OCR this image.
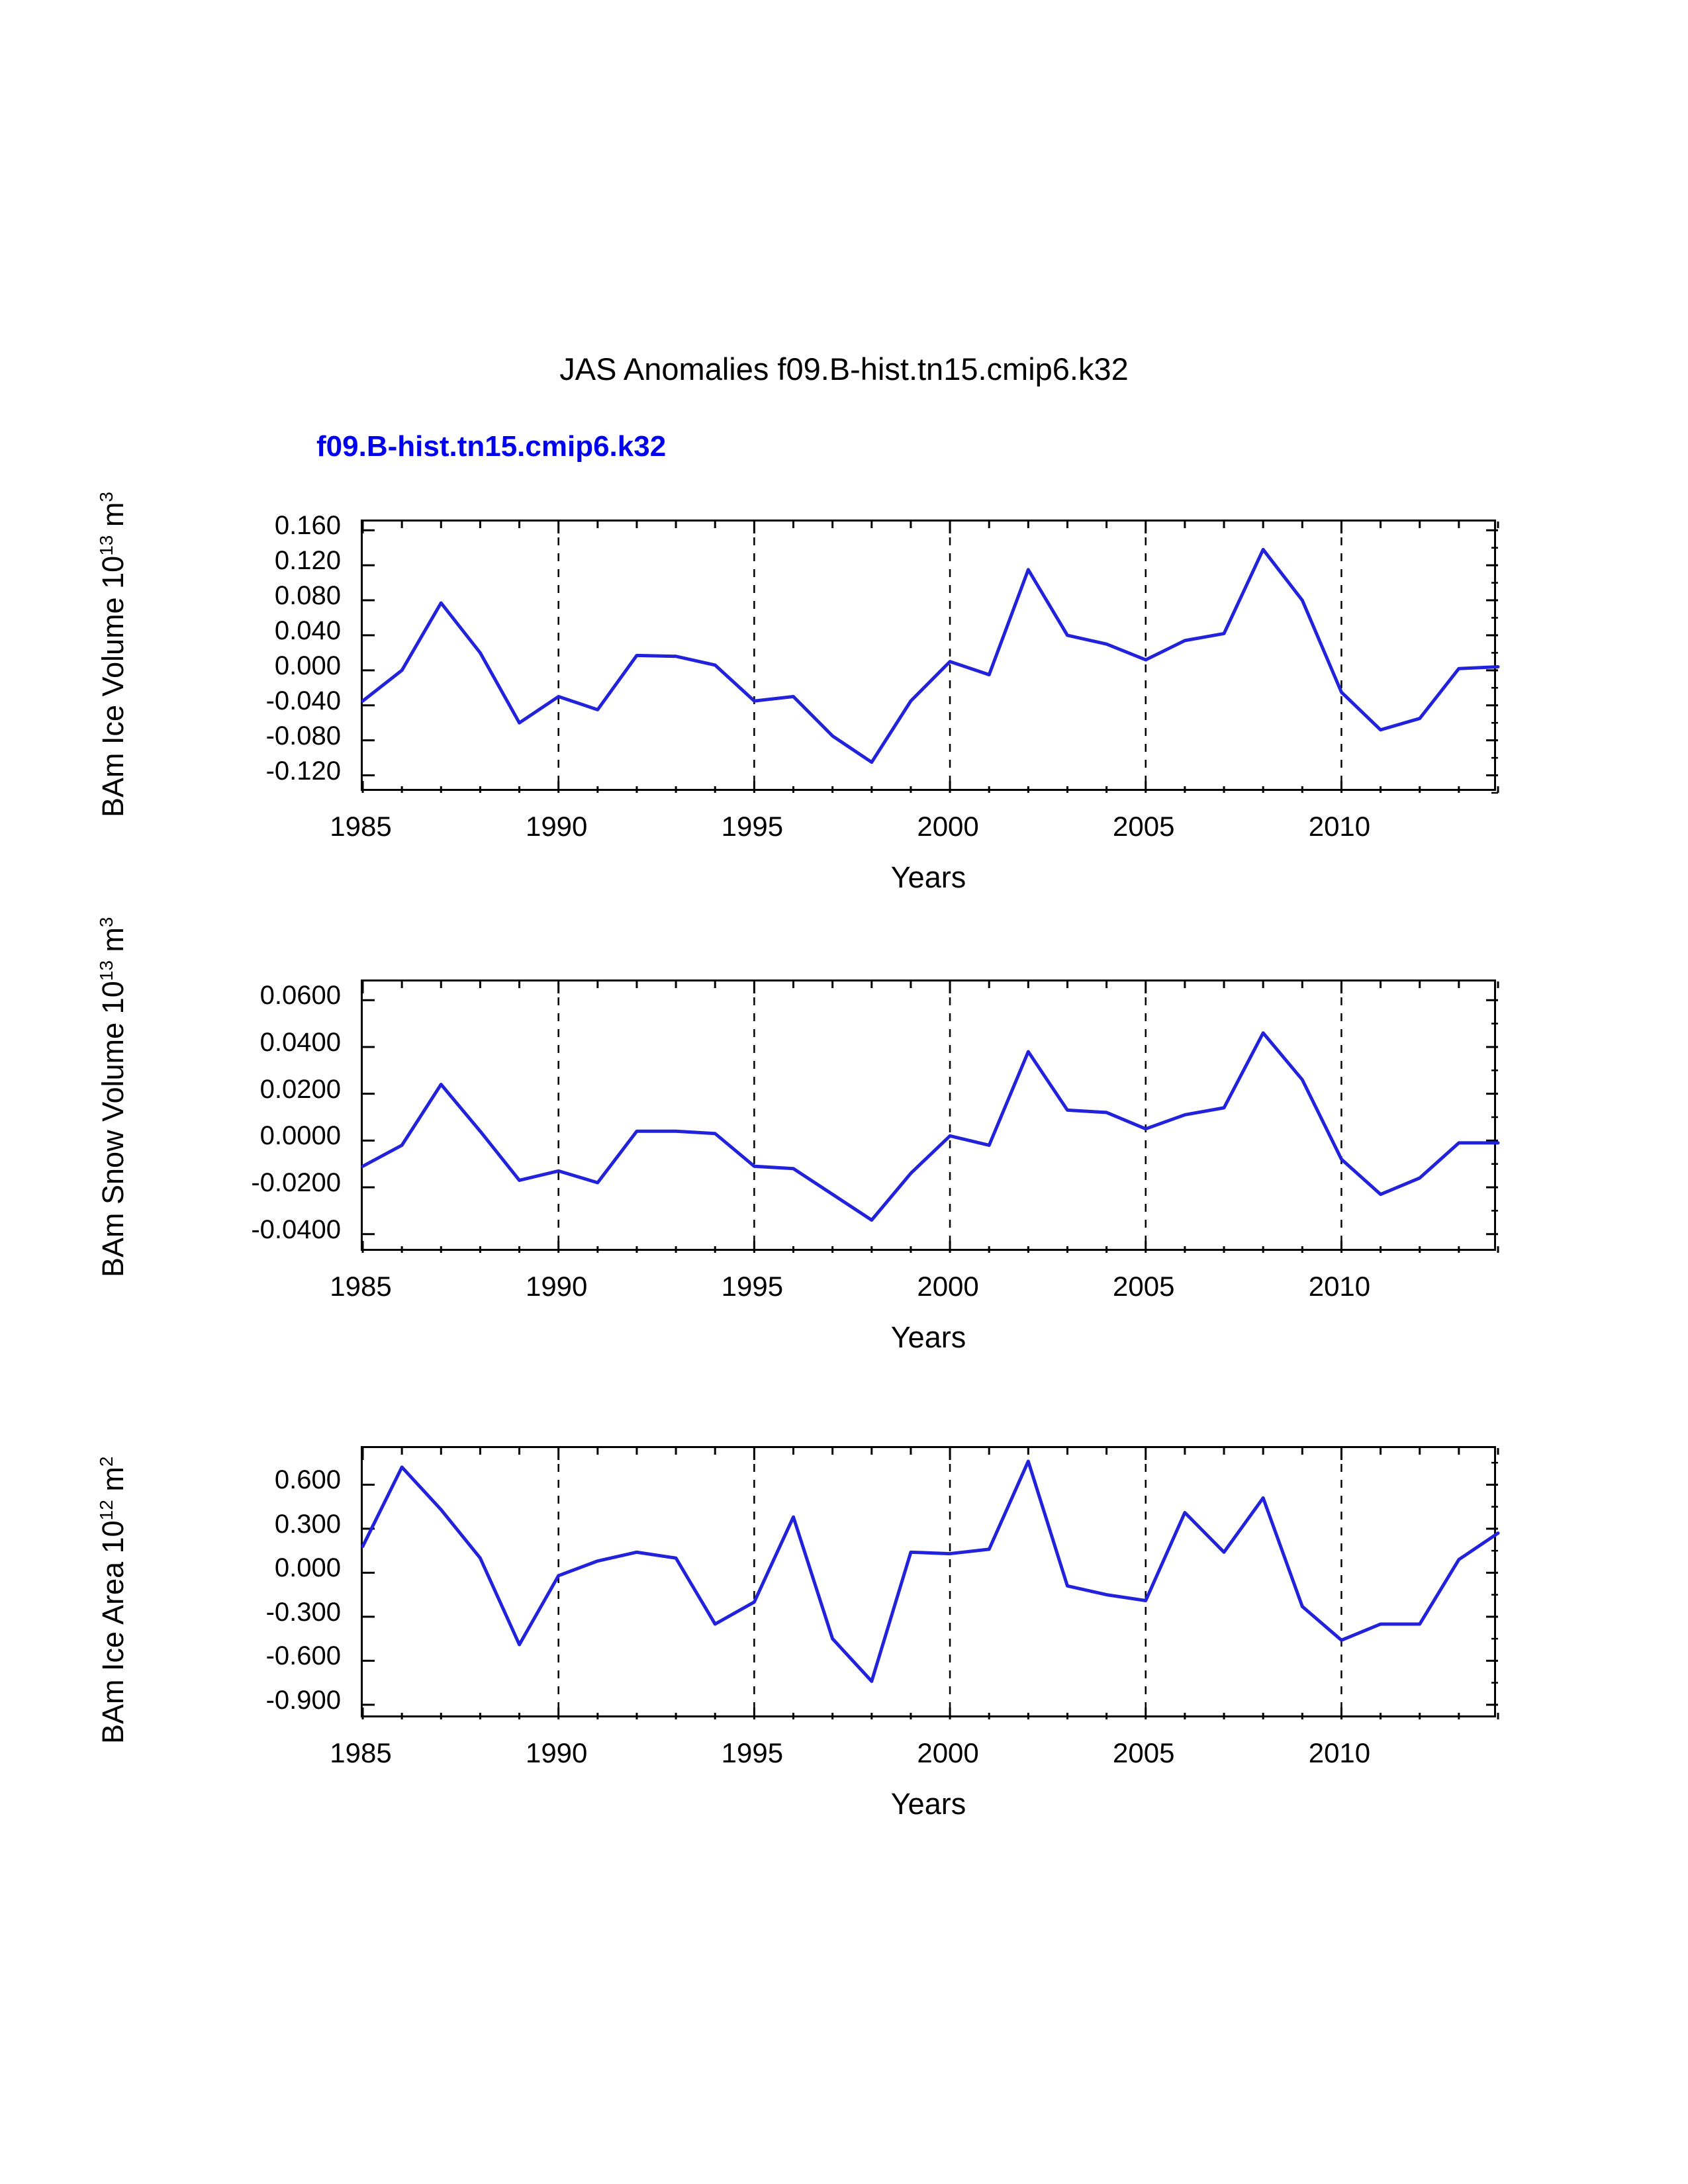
JAS Anomalies f09.B-hist.tn15.cmip6.k32
f09.B-hist.tn15.cmip6.k32
BAm Ice Volume $10^{13}$ $m^3$
Years
0.160
0.120
0.080
0.040
0.000
-0.040
-0.080
-0.120
1985	1990	1995	2000	2005	2010
BAm Snow Volume $10^{13}$ $m^3$
Years
0.0600
0.0400
0.0200
0.0000
-0.0200
-0.0400
1985	1990	1995	2000	2005	2010
BAm Ice Area $10^{12}$ $m^2$
Years
0.600
0.300
0.000
-0.300
-0.600
-0.900
1985	1990	1995	2000	2005	2010
